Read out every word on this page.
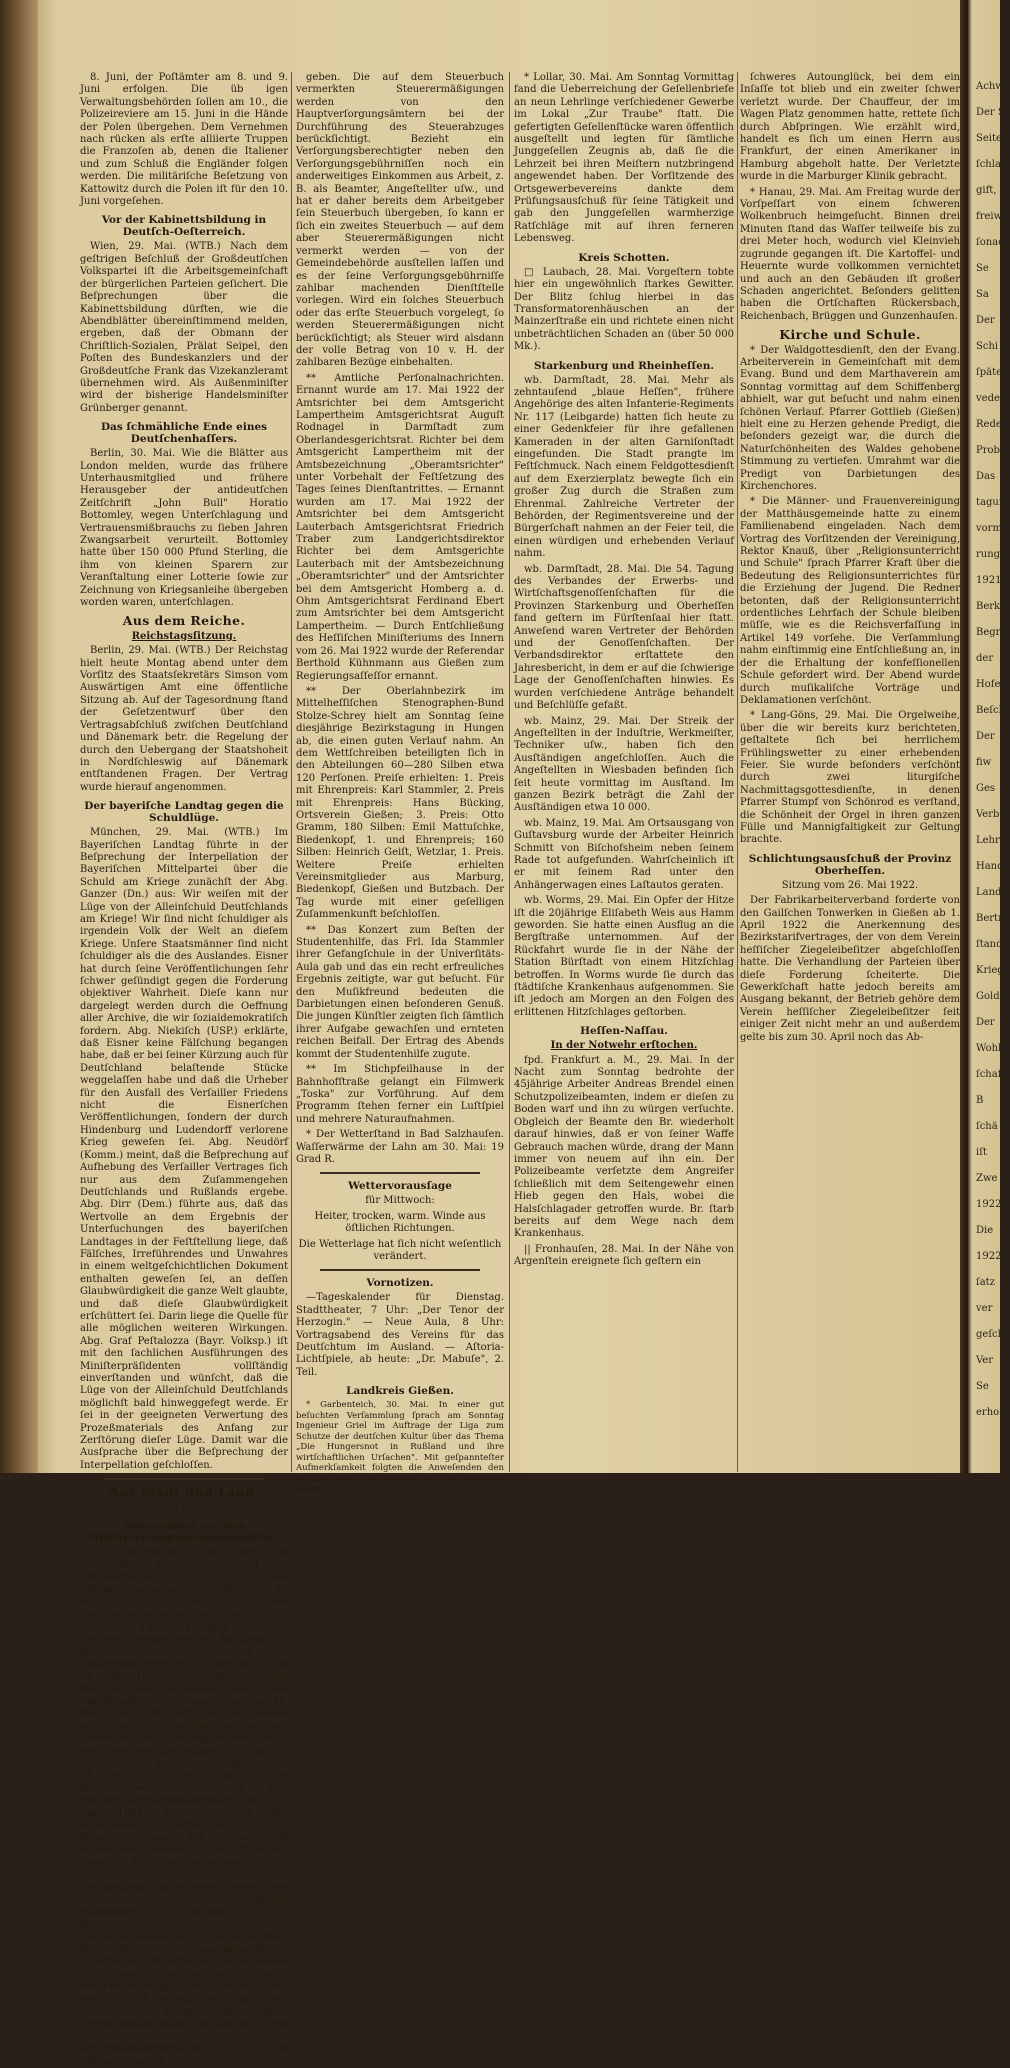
8. Juni, der Poſtämter am 8. und 9. Juni erfolgen. Die üb igen Verwaltungsbehörden ſollen am 10., die Polizeireviere am 15. Juni in die Hände der Polen übergehen. Dem Vernehmen nach rücken als erſte alliierte Truppen die Franzoſen ab, denen die Italiener und zum Schluß die Engländer folgen werden. Die militäriſche Beſetzung von Kattowitz durch die Polen iſt für den 10. Juni vorgeſehen.

Vor der Kabinettsbildung in Deutſch-Oeſterreich.

Wien, 29. Mai. (WTB.) Nach dem geſtrigen Beſchluß der Großdeutſchen Volkspartei iſt die Arbeitsgemeinſchaft der bürgerlichen Parteien geſichert. Die Beſprechungen über die Kabinettsbildung dürften, wie die Abendblätter übereinſtimmend melden, ergeben, daß der Obmann der Chriſtlich-Sozialen, Prälat Seipel, den Poſten des Bundeskanzlers und der Großdeutſche Frank das Vizekanzleramt übernehmen wird. Als Außenminiſter wird der bisherige Handelsminiſter Grünberger genannt.

Das ſchmähliche Ende eines Deutſchenhaſſers.

Berlin, 30. Mai. Wie die Blätter aus London melden, wurde das frühere Unterhausmitglied und frühere Herausgeber der antideutſchen Zeitſchrift „John Bull" Horatio Bottomley, wegen Unterſchlagung und Vertrauensmißbrauchs zu ſieben Jahren Zwangsarbeit verurteilt. Bottomley hatte über 150 000 Pfund Sterling, die ihm von kleinen Sparern zur Veranſtaltung einer Lotterie ſowie zur Zeichnung von Kriegsanleihe übergeben worden waren, unterſchlagen.

Aus dem Reiche.
Reichstagsſitzung.

Berlin, 29. Mai. (WTB.) Der Reichstag hielt heute Montag abend unter dem Vorſitz des Staatsſekretärs Simson vom Auswärtigen Amt eine öffentliche Sitzung ab. Auf der Tagesordnung ſtand der Geſetzentwurf über den Vertragsabſchluß zwiſchen Deutſchland und Dänemark betr. die Regelung der durch den Uebergang der Staatshoheit in Nordſchleswig auf Dänemark entſtandenen Fragen. Der Vertrag wurde hierauf angenommen.

Der bayeriſche Landtag gegen die Schuldlüge.

München, 29. Mai. (WTB.) Im Bayeriſchen Landtag führte in der Beſprechung der Interpellation der Bayeriſchen Mittelpartei über die Schuld am Kriege zunächſt der Abg. Ganzer (Dn.) aus: Wir weiſen mit der Lüge von der Alleinſchuld Deutſchlands am Kriege! Wir ſind nicht ſchuldiger als irgendein Volk der Welt an dieſem Kriege. Unſere Staatsmänner ſind nicht ſchuldiger als die des Auslandes. Eisner hat durch ſeine Veröffentlichungen ſehr ſchwer geſündigt gegen die Forderung objektiver Wahrheit. Dieſe kann nur dargelegt werden durch die Oeffnung aller Archive, die wir ſozialdemokratiſch fordern. Abg. Niekiſch (USP.) erklärte, daß Eisner keine Fälſchung begangen habe, daß er bei ſeiner Kürzung auch für Deutſchland belaſtende Stücke weggelaſſen habe und daß die Urheber für den Ausfall des Verſailler Friedens nicht die Eisnerſchen Veröffentlichungen, ſondern der durch Hindenburg und Ludendorff verlorene Krieg geweſen ſei. Abg. Neudörf (Komm.) meint, daß die Beſprechung auf Aufhebung des Verſailler Vertrages ſich nur aus dem Zuſammengehen Deutſchlands und Rußlands ergebe. Abg. Dirr (Dem.) führte aus, daß das Wertvolle an dem Ergebnis der Unterſuchungen des bayeriſchen Landtages in der Feſtſtellung liege, daß Fälſches, Irreführendes und Unwahres in einem weltgeſchichtlichen Dokument enthalten geweſen ſei, an deſſen Glaubwürdigkeit die ganze Welt glaubte, und daß dieſe Glaubwürdigkeit erſchüttert ſei. Darin liege die Quelle für alle möglichen weiteren Wirkungen. Abg. Graf Peſtalozza (Bayr. Volksp.) iſt mit den ſachlichen Ausführungen des Miniſterpräſidenten vollſtändig einverſtanden und wünſcht, daß die Lüge von der Alleinſchuld Deutſchlands möglichſt bald hinweggefegt werde. Er ſei in der geeigneten Verwertung des Prozeßmaterials des Anfang zur Zerſtörung dieſer Lüge. Damit war die Ausſprache über die Beſprechung der Interpellation geſchloſſen.

Aus Stadt und Land.
Gießen, den 30. Mai 1922.
Steuerabzug von den Militärverſorgungsgebührniſſen.

Von zuſtändiger Seite wird uns geſchrieben: Die Durchführung des Steuerabzuges von den Militärverſorgungsgebührniſſen iſt durch Erlaß des Reichsarbeitsminiſteriums vom 10. Februar 1922 geregelt worden. Hiernach werden von der Abzugspflicht gemäß dem Geſetz über die Einkommenſteuer vom Arbeitslohn vom 11. Juli 1921 nicht betroffen: Die Dienſtbeſchädigungsrenten nach dem Mannſchaftsverſorgungsgeſetze vom 31. Mai 1906 und nach den vor dieſem erlaſſenen Militärverſorgungsgeſetzen, ferner die Verſorgungsgebührniſſe nach dem Reichsverſorgungsgeſetz vom 12. Mai 1920 und dem Altrentnergeſetz vom 18. Juli 1921, und ſchließlich die Hinterbliebenenbezüge nach dem Militärhinterbliebenengeſetze vom 17. Mai 1907, abgeſehen von der allgemeinen Verſorgung (nicht Kriegsverſorgung) der Witwen und Waiſen von früheren aktiven Offizieren. Soweit Militärverſorgungsgebührniſſe (Offizierpenſionen uſw.) dem Steuerabzug unterliegen, wird der Abzug von der die Bezüge zahlbar machenden Dienſtſtelle — Hauptverſorgungsamt (Regelungsabteilung) — vorgenommen. Die den Verſorgungsberechtigten zugeſtellten Steuerbücher, die im Januar 1922 eingefügt wurden und aus denen die Ermäßigungen des Steuerabzuges, der 10 v. H. beträgt, erſichtlich ſind, haben die Hauptverſorgungsämter (Regelungsabteilung) anzunehmen und aufzubewahren, ſofern die Verſorgungsberechtigten die Steuerbücher ab-

geben. Die auf dem Steuerbuch vermerkten Steuerermäßigungen werden von den Hauptverſorgungsämtern bei der Durchführung des Steuerabzuges berückſichtigt. Bezieht ein Verſorgungsberechtigter neben den Verſorgungsgebührniſſen noch ein anderweitiges Einkommen aus Arbeit, z. B. als Beamter, Angeſtellter uſw., und hat er daher bereits dem Arbeitgeber ſein Steuerbuch übergeben, ſo kann er ſich ein zweites Steuerbuch — auf dem aber Steuerermäßigungen nicht vermerkt werden — von der Gemeindebehörde ausſtellen laſſen und es der ſeine Verſorgungsgebührniſſe zahlbar machenden Dienſtſtelle vorlegen. Wird ein ſolches Steuerbuch oder das erſte Steuerbuch vorgelegt, ſo werden Steuerermäßigungen nicht berückſichtigt; als Steuer wird alsdann der volle Betrag von 10 v. H. der zahlbaren Bezüge einbehalten.

** Amtliche Perſonalnachrichten. Ernannt wurde am 17. Mai 1922 der Amtsrichter bei dem Amtsgericht Lampertheim Amtsgerichtsrat Auguſt Rodnagel in Darmſtadt zum Oberlandesgerichtsrat. Richter bei dem Amtsgericht Lampertheim mit der Amtsbezeichnung „Oberamtsrichter" unter Vorbehalt der Feſtſetzung des Tages ſeines Dienſtantrittes. — Ernannt wurden am 17. Mai 1922 der Amtsrichter bei dem Amtsgericht Lauterbach Amtsgerichtsrat Friedrich Traber zum Landgerichtsdirektor Richter bei dem Amtsgerichte Lauterbach mit der Amtsbezeichnung „Oberamtsrichter" und der Amtsrichter bei dem Amtsgericht Homberg a. d. Ohm Amtsgerichtsrat Ferdinand Ebert zum Amtsrichter bei dem Amtsgericht Lampertheim. — Durch Entſchließung des Heſſiſchen Miniſteriums des Innern vom 26. Mai 1922 wurde der Referendar Berthold Kühnmann aus Gießen zum Regierungsaſſeſſor ernannt.

** Der Oberlahnbezirk im Mittelheſſiſchen Stenographen-Bund Stolze-Schrey hielt am Sonntag ſeine diesjährige Bezirkstagung in Hungen ab, die einen guten Verlauf nahm. An dem Wettſchreiben beteiligten ſich in den Abteilungen 60—280 Silben etwa 120 Perſonen. Preiſe erhielten: 1. Preis mit Ehrenpreis: Karl Stammler, 2. Preis mit Ehrenpreis: Hans Bücking, Ortsverein Gießen; 3. Preis: Otto Gramm, 180 Silben: Emil Mattuſchke, Biedenkopf, 1. und Ehrenpreis; 160 Silben: Heinrich Geiſt, Wetzlar, 1. Preis. Weitere Preiſe erhielten Vereinsmitglieder aus Marburg, Biedenkopf, Gießen und Butzbach. Der Tag wurde mit einer geſelligen Zuſammenkunft beſchloſſen.

** Das Konzert zum Beſten der Studentenhilfe, das Frl. Ida Stammler ihrer Gefangſchule in der Univerſitäts-Aula gab und das ein recht erfreuliches Ergebnis zeitigte, war gut beſucht. Für den Muſikfreund bedeuten die Darbietungen einen beſonderen Genuß. Die jungen Künſtler zeigten ſich ſämtlich ihrer Aufgabe gewachſen und ernteten reichen Beifall. Der Ertrag des Abends kommt der Studentenhilfe zugute.

** Im Stichpfeilhause in der Bahnhofſtraße gelangt ein Filmwerk „Toska" zur Vorführung. Auf dem Programm ſtehen ferner ein Luſtſpiel und mehrere Naturaufnahmen.

* Der Wetterſtand in Bad Salzhauſen. Waſſerwärme der Lahn am 30. Mai: 19 Grad R.

Wettervorausſage

für Mittwoch:

Heiter, trocken, warm. Winde aus öſtlichen Richtungen.

Die Wetterlage hat ſich nicht weſentlich verändert.

Vornotizen.

—Tageskalender für Dienstag. Stadttheater, 7 Uhr: „Der Tenor der Herzogin." — Neue Aula, 8 Uhr: Vortragsabend des Vereins für das Deutſchtum im Ausland. — Aſtoria-Lichtſpiele, ab heute: „Dr. Mabuſe", 2. Teil.

Landkreis Gießen.

* Garbenteich, 30. Mai. In einer gut beſuchten Verſammlung ſprach am Sonntag Ingenieur Griel im Auftrage der Liga zum Schutze der deutſchen Kultur über das Thema „Die Hungersnot in Rußland und ihre wirtſchaftlichen Urſachen". Mit geſpannteſter Aufmerkſamkeit folgten die Anweſenden den Ausführungen des Redners, die ſehr lehrreich waren.

* Lollar, 30. Mai. Am Sonntag Vormittag fand die Ueberreichung der Geſellenbriefe an neun Lehrlinge verſchiedener Gewerbe im Lokal „Zur Traube" ſtatt. Die gefertigten Geſellenſtücke waren öffentlich ausgeſtellt und legten für ſämtliche Junggeſellen Zeugnis ab, daß ſie die Lehrzeit bei ihren Meiſtern nutzbringend angewendet haben. Der Vorſitzende des Ortsgewerbevereins dankte dem Prüfungsausſchuß für ſeine Tätigkeit und gab den Junggeſellen warmherzige Ratſchläge mit auf ihren ferneren Lebensweg.

Kreis Schotten.

□ Laubach, 28. Mai. Vorgeſtern tobte hier ein ungewöhnlich ſtarkes Gewitter. Der Blitz ſchlug hierbei in das Transformatorenhäuschen an der Mainzerſtraße ein und richtete einen nicht unbeträchtlichen Schaden an (über 50 000 Mk.).

Starkenburg und Rheinheſſen.

wb. Darmſtadt, 28. Mai. Mehr als zehntauſend „blaue Heſſen", frühere Angehörige des alten Infanterie-Regiments Nr. 117 (Leibgarde) hatten ſich heute zu einer Gedenkfeier für ihre gefallenen Kameraden in der alten Garniſonſtadt eingefunden. Die Stadt prangte im Feſtſchmuck. Nach einem Feldgottesdienſt auf dem Exerzierplatz bewegte ſich ein großer Zug durch die Straßen zum Ehrenmal. Zahlreiche Vertreter der Behörden, der Regimentsvereine und der Bürgerſchaft nahmen an der Feier teil, die einen würdigen und erhebenden Verlauf nahm.

wb. Darmſtadt, 28. Mai. Die 54. Tagung des Verbandes der Erwerbs- und Wirtſchaftsgenoſſenſchaften für die Provinzen Starkenburg und Oberheſſen fand geſtern im Fürſtenſaal hier ſtatt. Anweſend waren Vertreter der Behörden und der Genoſſenſchaften. Der Verbandsdirektor erſtattete den Jahresbericht, in dem er auf die ſchwierige Lage der Genoſſenſchaften hinwies. Es wurden verſchiedene Anträge behandelt und Beſchlüſſe gefaßt.

wb. Mainz, 29. Mai. Der Streik der Angeſtellten in der Induſtrie, Werkmeiſter, Techniker uſw., haben ſich den Ausſtändigen angeſchloſſen. Auch die Angeſtellten in Wiesbaden befinden ſich ſeit heute vormittag im Ausſtand. Im ganzen Bezirk beträgt die Zahl der Ausſtändigen etwa 10 000.

wb. Mainz, 19. Mai. Am Ortsausgang von Guſtavsburg wurde der Arbeiter Heinrich Schmitt von Biſchofsheim neben ſeinem Rade tot aufgefunden. Wahrſcheinlich iſt er mit ſeinem Rad unter den Anhängerwagen eines Laſtautos geraten.

wb. Worms, 29. Mai. Ein Opfer der Hitze iſt die 20jährige Eliſabeth Weis aus Hamm geworden. Sie hatte einen Ausflug an die Bergſtraße unternommen. Auf der Rückfahrt wurde ſie in der Nähe der Station Bürſtadt von einem Hitzſchlag betroffen. In Worms wurde ſie durch das ſtädtiſche Krankenhaus aufgenommen. Sie iſt jedoch am Morgen an den Folgen des erlittenen Hitzſchlages geſtorben.

Heſſen-Naſſau.
In der Notwehr erſtochen.

fpd. Frankfurt a. M., 29. Mai. In der Nacht zum Sonntag bedrohte der 45jährige Arbeiter Andreas Brendel einen Schutzpolizeibeamten, indem er dieſen zu Boden warf und ihn zu würgen verſuchte. Obgleich der Beamte den Br. wiederholt darauf hinwies, daß er von ſeiner Waffe Gebrauch machen würde, drang der Mann immer von neuem auf ihn ein. Der Polizeibeamte verſetzte dem Angreifer ſchließlich mit dem Seitengewehr einen Hieb gegen den Hals, wobei die Halsſchlagader getroffen wurde. Br. ſtarb bereits auf dem Wege nach dem Krankenhaus.

|| Fronhauſen, 28. Mai. In der Nähe von Argenſtein ereignete ſich geſtern ein

ſchweres Autounglück, bei dem ein Inſaſſe tot blieb und ein zweiter ſchwer verletzt wurde. Der Chauffeur, der im Wagen Platz genommen hatte, rettete ſich durch Abſpringen. Wie erzählt wird, handelt es ſich um einen Herrn aus Frankfurt, der einen Amerikaner in Hamburg abgeholt hatte. Der Verletzte wurde in die Marburger Klinik gebracht.

* Hanau, 29. Mai. Am Freitag wurde der Vorſpeſſart von einem ſchweren Wolkenbruch heimgeſucht. Binnen drei Minuten ſtand das Waſſer teilweiſe bis zu drei Meter hoch, wodurch viel Kleinvieh zugrunde gegangen iſt. Die Kartoffel- und Heuernte wurde vollkommen vernichtet und auch an den Gebäuden iſt großer Schaden angerichtet. Beſonders gelitten haben die Ortſchaften Rückersbach, Reichenbach, Brüggen und Gunzenhauſen.

Kirche und Schule.

* Der Waldgottesdienſt, den der Evang. Arbeiterverein in Gemeinſchaft mit dem Evang. Bund und dem Marthaverein am Sonntag vormittag auf dem Schiffenberg abhielt, war gut beſucht und nahm einen ſchönen Verlauf. Pfarrer Gottlieb (Gießen) hielt eine zu Herzen gehende Predigt, die beſonders gezeigt war, die durch die Naturſchönheiten des Waldes gehobene Stimmung zu vertiefen. Umrahmt war die Predigt von Darbietungen des Kirchenchores.

* Die Männer- und Frauenvereinigung der Matthäusgemeinde hatte zu einem Familienabend eingeladen. Nach dem Vortrag des Vorſitzenden der Vereinigung, Rektor Knauß, über „Religionsunterricht und Schule" ſprach Pfarrer Kraft über die Bedeutung des Religionsunterrichtes für die Erziehung der Jugend. Die Redner betonten, daß der Religionsunterricht ordentliches Lehrfach der Schule bleiben müſſe, wie es die Reichsverfaſſung in Artikel 149 vorſehe. Die Verſammlung nahm einſtimmig eine Entſchließung an, in der die Erhaltung der konfeſſionellen Schule gefordert wird. Der Abend wurde durch muſikaliſche Vorträge und Deklamationen verſchönt.

* Lang-Göns, 29. Mai. Die Orgelweihe, über die wir bereits kurz berichteten, geſtaltete ſich bei herrlichem Frühlingswetter zu einer erhebenden Feier. Sie wurde beſonders verſchönt durch zwei liturgiſche Nachmittagsgottesdienſte, in denen Pfarrer Stumpf von Schönrod es verſtand, die Schönheit der Orgel in ihren ganzen Fülle und Mannigfaltigkeit zur Geltung brachte.

Schlichtungsausſchuß der Provinz Oberheſſen.
Sitzung vom 26. Mai 1922.

Der Fabrikarbeiterverband forderte von den Gailſchen Tonwerken in Gießen ab 1. April 1922 die Anerkennung des Bezirkstarifvertrages, der von dem Verein heſſiſcher Ziegeleibeſitzer abgeſchloſſen hatte. Die Verhandlung der Parteien über dieſe Forderung ſcheiterte. Die Gewerkſchaft hatte jedoch bereits am Ausgang bekannt, der Betrieb gehöre dem Verein heſſiſcher Ziegeleibeſitzer ſeit einiger Zeit nicht mehr an und außerdem gelte bis zum 30. April noch das Ab-

Achw
Der S
Seite
ſchlag
gift,
freiwi
ſonach
Se
Sa
Der
Schi
ſpäter
veden
Rede
Prob
Das
tagun
vorm
rung
1921
Berkt
Begre
der
Hofer
Beſch
Der
fiw
Ges
Verb
Lehrer
Hand
Landw
Bertr
ſtande
Krieg
Gold
Der
Wohl
ſchaft
B
ſchä
iſt
Zwe
1922
Die
1922
ſatz
ver
geſch
Ver
Se
erho
